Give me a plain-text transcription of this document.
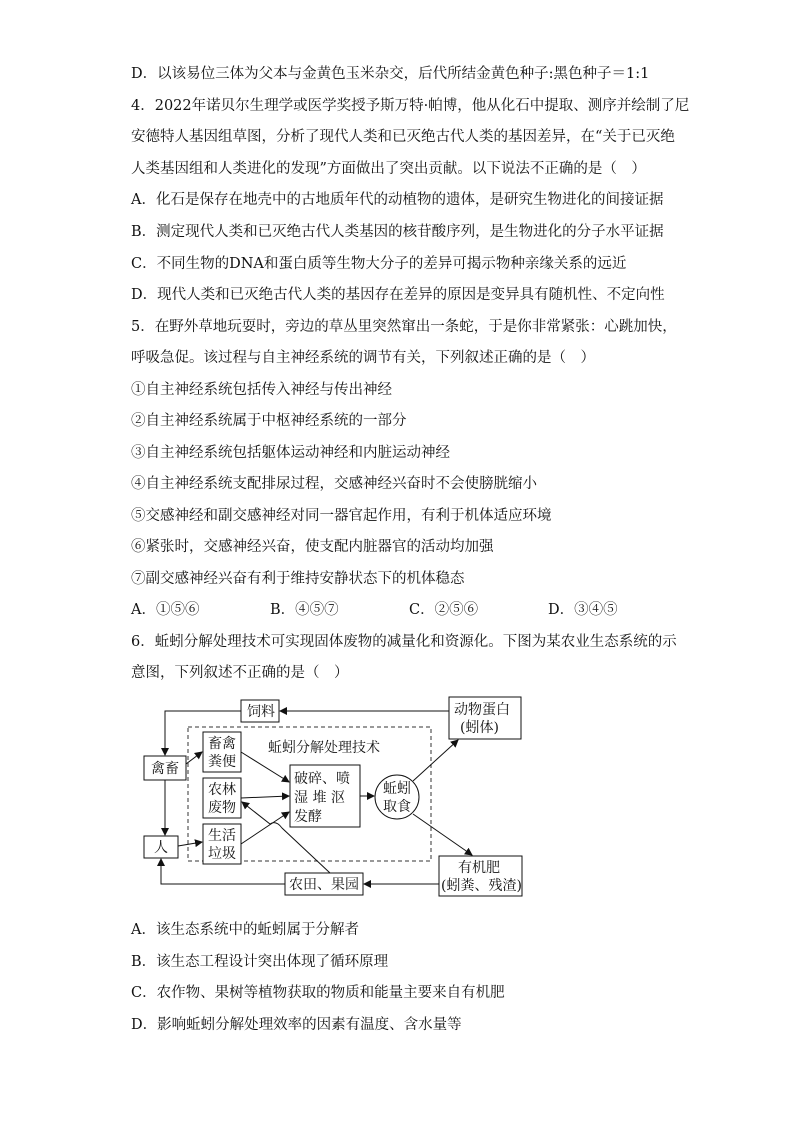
D．以该易位三体为父本与金黄色玉米杂交，后代所结金黄色种子:黑色种子＝1:1
4．2022年诺贝尔生理学或医学奖授予斯万特·帕博，他从化石中提取、测序并绘制了尼
安德特人基因组草图，分析了现代人类和已灭绝古代人类的基因差异，在“关于已灭绝
人类基因组和人类进化的发现”方面做出了突出贡献。以下说法不正确的是（　）
A．化石是保存在地壳中的古地质年代的动植物的遗体，是研究生物进化的间接证据
B．测定现代人类和已灭绝古代人类基因的核苷酸序列，是生物进化的分子水平证据
C．不同生物的DNA和蛋白质等生物大分子的差异可揭示物种亲缘关系的远近
D．现代人类和已灭绝古代人类的基因存在差异的原因是变异具有随机性、不定向性
5．在野外草地玩耍时，旁边的草丛里突然窜出一条蛇，于是你非常紧张：心跳加快，
呼吸急促。该过程与自主神经系统的调节有关，下列叙述正确的是（　）
①自主神经系统包括传入神经与传出神经
②自主神经系统属于中枢神经系统的一部分
③自主神经系统包括躯体运动神经和内脏运动神经
④自主神经系统支配排尿过程，交感神经兴奋时不会使膀胱缩小
⑤交感神经和副交感神经对同一器官起作用，有利于机体适应环境
⑥紧张时，交感神经兴奋，使支配内脏器官的活动均加强
⑦副交感神经兴奋有利于维持安静状态下的机体稳态
A．①⑤⑥	B．④⑤⑦	C．②⑤⑥	D．③④⑤
6．蚯蚓分解处理技术可实现固体废物的减量化和资源化。下图为某农业生态系统的示
意图，下列叙述不正确的是（　）
蚯蚓分解处理技术
饲料
禽畜
人
畜禽
粪便
农林
废物
生活
垃圾
破碎、喷
湿 堆 沤
发酵
蚯蚓
取食
动物蛋白
(蚓体)
有机肥
(蚓粪、残渣)
农田、果园
A．该生态系统中的蚯蚓属于分解者
B．该生态工程设计突出体现了循环原理
C．农作物、果树等植物获取的物质和能量主要来自有机肥
D．影响蚯蚓分解处理效率的因素有温度、含水量等
